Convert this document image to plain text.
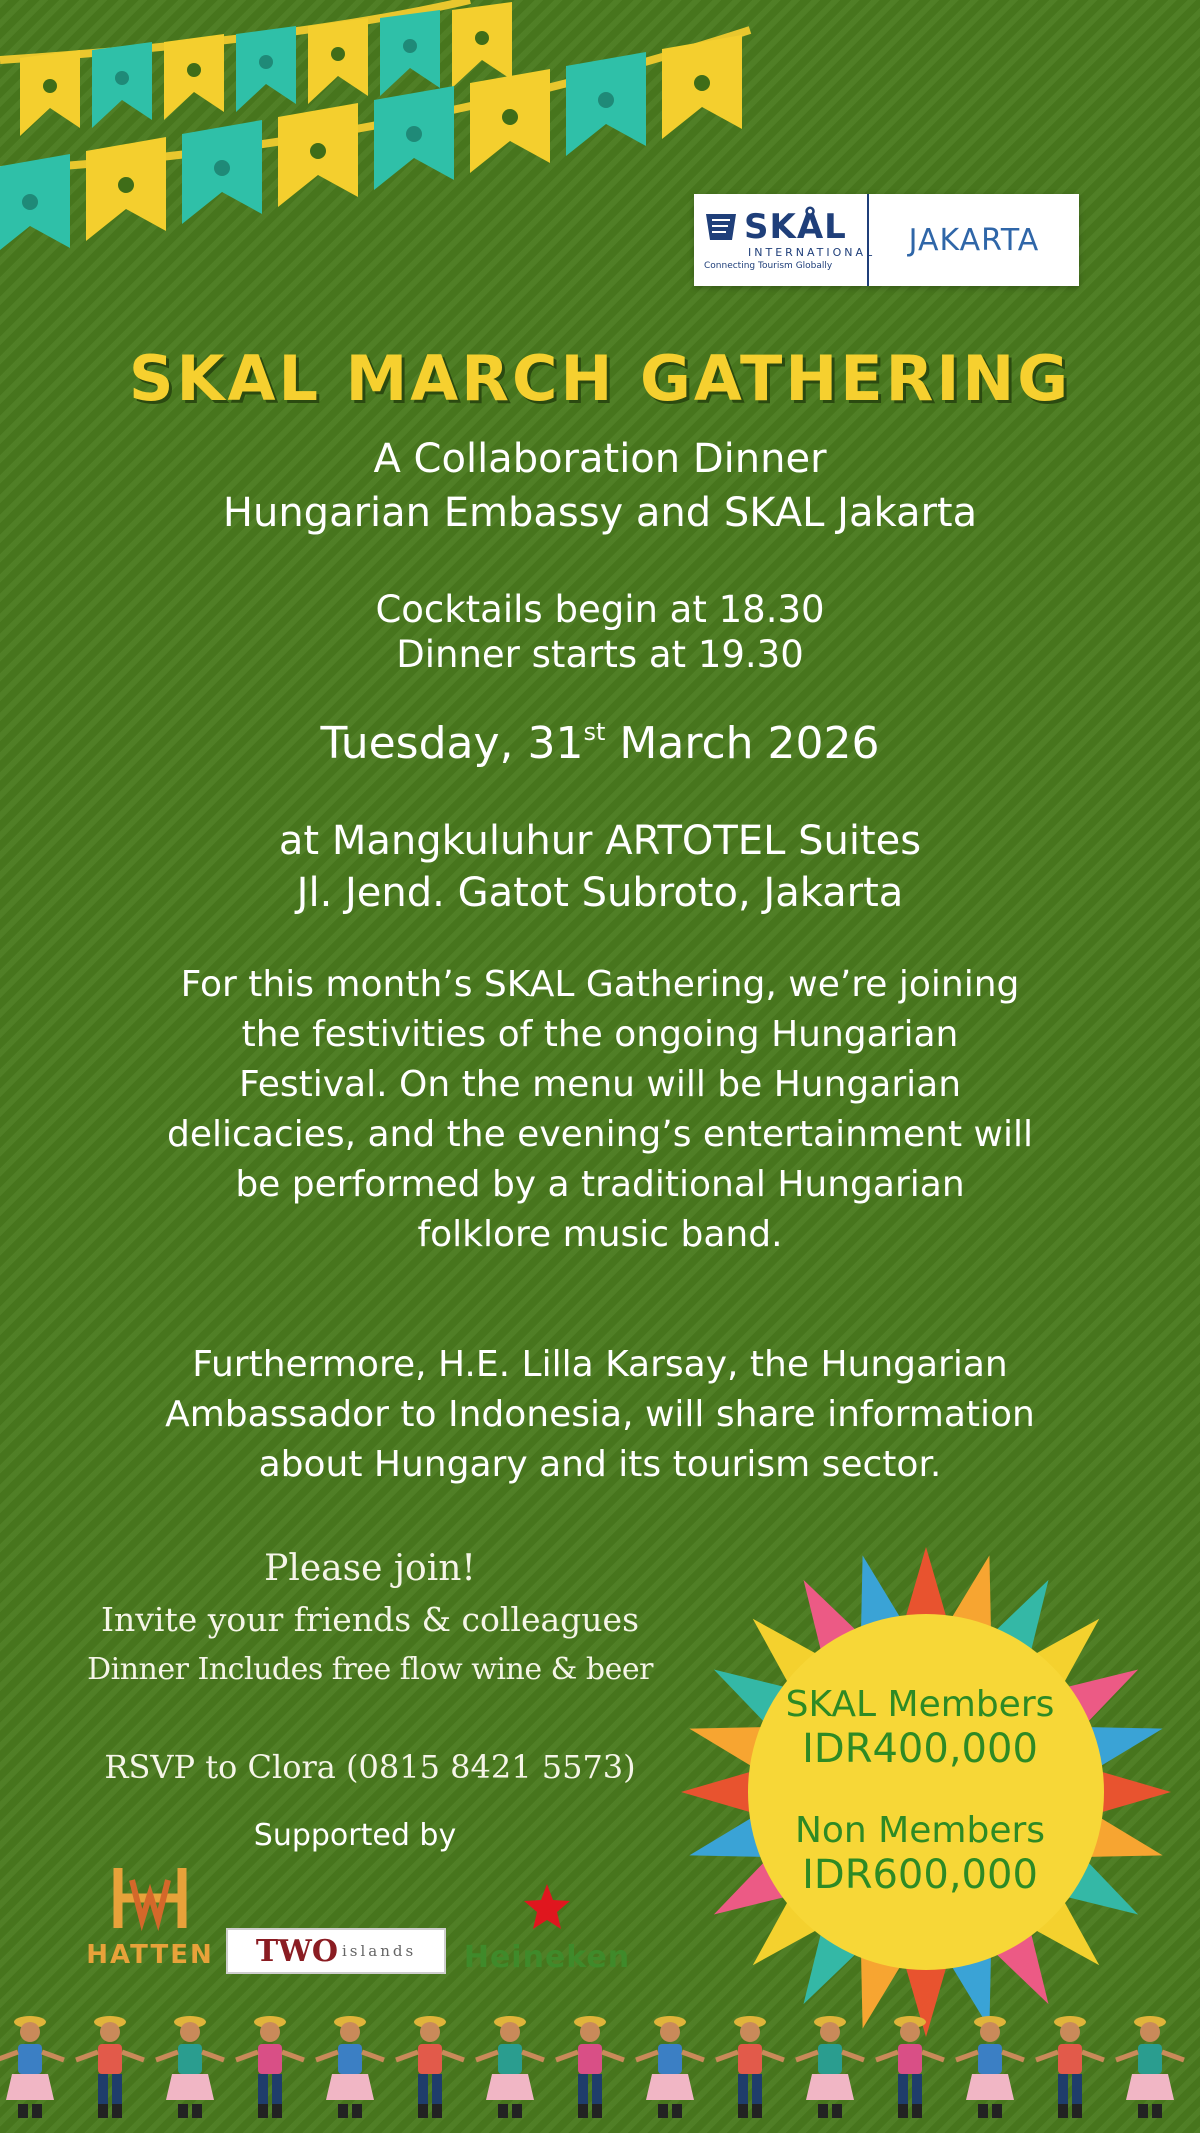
SKÅL
INTERNATIONAL
Connecting Tourism Globally
JAKARTA
SKAL MARCH GATHERING
A Collaboration Dinner
Hungarian Embassy and SKAL Jakarta
Cocktails begin at 18.30
Dinner starts at 19.30
Tuesday, 31st March 2026
at Mangkuluhur ARTOTEL Suites
Jl. Jend. Gatot Subroto, Jakarta
For this month’s SKAL Gathering, we’re joining
the festivities of the ongoing Hungarian
Festival. On the menu will be Hungarian
delicacies, and the evening’s entertainment will
be performed by a traditional Hungarian
folklore music band.
Furthermore, H.E. Lilla Karsay, the Hungarian
Ambassador to Indonesia, will share information
about Hungary and its tourism sector.
Please join!
Invite your friends & colleagues
Dinner Includes free flow wine & beer
RSVP to Clora (0815 8421 5573)
Supported by
HATTEN TWO islands Heineken
SKAL Members
IDR400,000
Non Members
IDR600,000
